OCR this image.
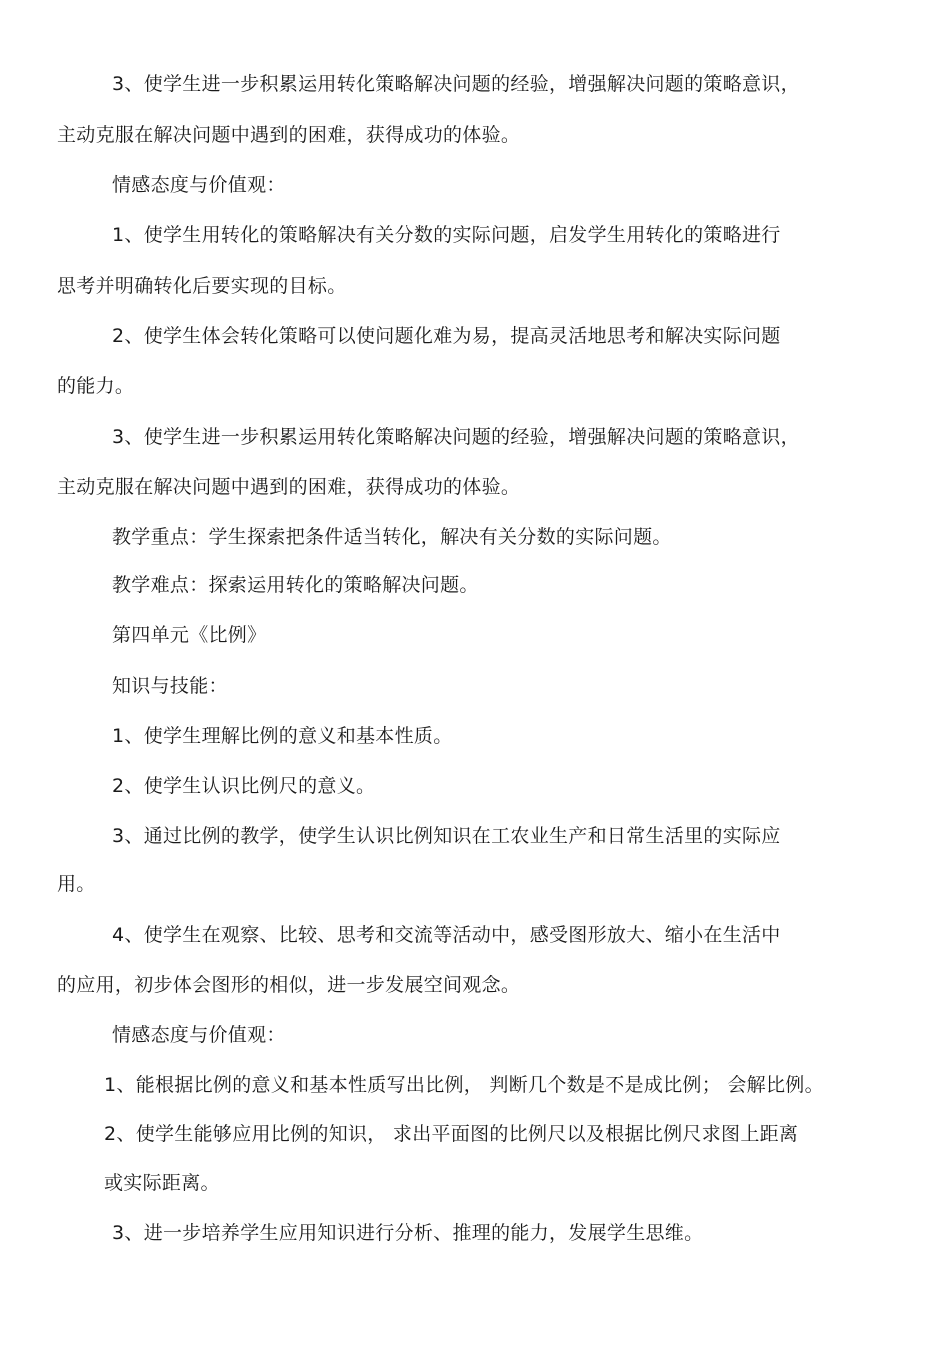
3、使学生进一步积累运用转化策略解决问题的经验，增强解决问题的策略意识，

主动克服在解决问题中遇到的困难，获得成功的体验。

情感态度与价值观：

1、使学生用转化的策略解决有关分数的实际问题，启发学生用转化的策略进行

思考并明确转化后要实现的目标。

2、使学生体会转化策略可以使问题化难为易，提高灵活地思考和解决实际问题

的能力。

3、使学生进一步积累运用转化策略解决问题的经验，增强解决问题的策略意识，

主动克服在解决问题中遇到的困难，获得成功的体验。

教学重点：学生探索把条件适当转化，解决有关分数的实际问题。

教学难点：探索运用转化的策略解决问题。

第四单元《比例》

知识与技能：

1、使学生理解比例的意义和基本性质。

2、使学生认识比例尺的意义。

3、通过比例的教学，使学生认识比例知识在工农业生产和日常生活里的实际应

用。

4、使学生在观察、比较、思考和交流等活动中，感受图形放大、缩小在生活中

的应用，初步体会图形的相似，进一步发展空间观念。

情感态度与价值观：

1、能根据比例的意义和基本性质写出比例， 判断几个数是不是成比例； 会解比例。

2、使学生能够应用比例的知识， 求出平面图的比例尺以及根据比例尺求图上距离

或实际距离。

3、进一步培养学生应用知识进行分析、推理的能力，发展学生思维。
